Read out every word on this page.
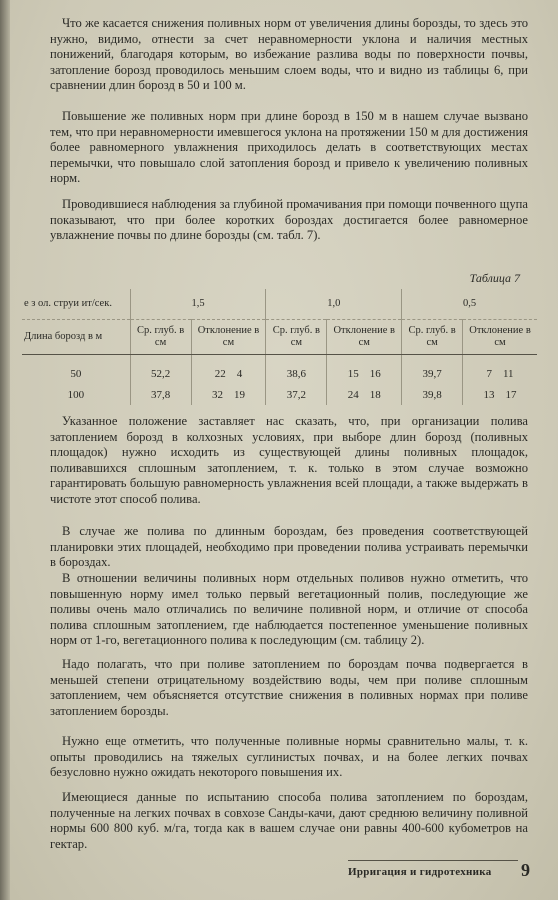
Что же касается снижения поливных норм от увеличения длины борозды, то здесь это нужно, видимо, отнести за счет неравномерности уклона и наличия местных понижений, благодаря которым, во избежание разлива воды по поверхности почвы, затопление борозд проводилось меньшим слоем воды, что и видно из таблицы 6, при сравнении длин борозд в 50 и 100 м.

Повышение же поливных норм при длине борозд в 150 м в нашем случае вызвано тем, что при неравномерности имевшегося уклона на протяжении 150 м для достижения более равномерного увлажнения приходилось делать в соответствующих местах перемычки, что повышало слой затопления борозд и привело к увеличению поливных норм.

Проводившиеся наблюдения за глубиной промачивания при помощи почвенного щупа показывают, что при более коротких бороздах достигается более равномерное увлажнение почвы по длине борозды (см. табл. 7).

Таблица 7
е з ол. струи ит/сек.	1,5		1,0		0,5	
Длина борозд в м	Ср. глуб. в см	Отклонение в см	Ср. глуб. в см	Отклонение в см	Ср. глуб. в см	Отклонение в см
50	52,2	22 4	38,6	15 16	39,7	7 11
100	37,8	32 19	37,2	24 18	39,8	13 17

Указанное положение заставляет нас сказать, что, при организации полива затоплением борозд в колхозных условиях, при выборе длин борозд (поливных площадок) нужно исходить из существующей длины поливных площадок, поливавшихся сплошным затоплением, т. к. только в этом случае возможно гарантировать большую равномерность увлажнения всей площади, а также выдержать в чистоте этот способ полива.

В случае же полива по длинным бороздам, без проведения соответствующей планировки этих площадей, необходимо при проведении полива устраивать перемычки в бороздах.

В отношении величины поливных норм отдельных поливов нужно отметить, что повышенную норму имел только первый вегетационный полив, последующие же поливы очень мало отличались по величине поливной норм, и отличие от способа полива сплошным затоплением, где наблюдается постепенное уменьшение поливных норм от 1-го, вегетационного полива к последующим (см. таблицу 2).

Надо полагать, что при поливе затоплением по бороздам почва подвергается в меньшей степени отрицательному воздействию воды, чем при поливе сплошным затоплением, чем объясняется отсутствие снижения в поливных нормах при поливе затоплением борозды.

Нужно еще отметить, что полученные поливные нормы сравнительно малы, т. к. опыты проводились на тяжелых суглинистых почвах, и на более легких почвах безусловно нужно ожидать некоторого повышения их.

Имеющиеся данные по испытанию способа полива затоплением по бороздам, полученные на легких почвах в совхозе Санды-качи, дают среднюю величину поливной нормы 600 800 куб. м/га, тогда как в вашем случае они равны 400-600 кубометров на гектар.

Ирригация и гидротехника 9
